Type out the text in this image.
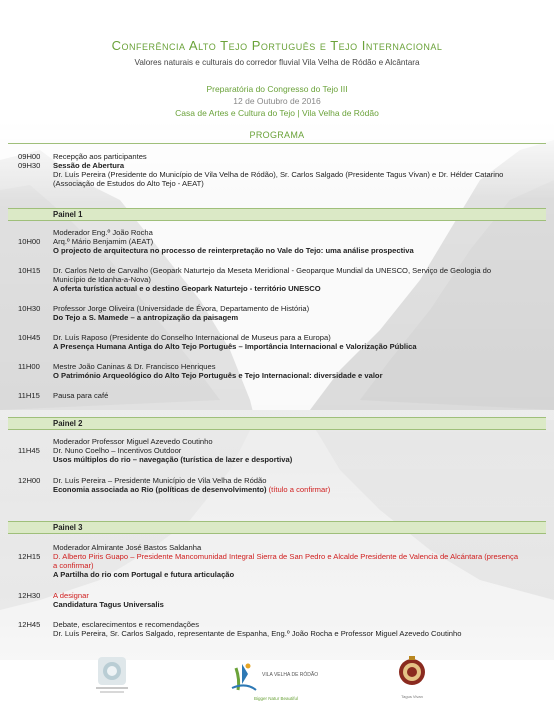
Conferência Alto Tejo Português e Tejo Internacional
Valores naturais e culturais do corredor fluvial Vila Velha de Ródão e Alcântara
Preparatória do Congresso do Tejo III
12 de Outubro de 2016
Casa de Artes e Cultura do Tejo | Vila Velha de Ródão
PROGRAMA
09H00	Recepção aos participantes
09H30	Sessão de Abertura
Dr. Luís Pereira (Presidente do Município de Vila Velha de Ródão), Sr. Carlos Salgado (Presidente Tagus Vivan) e Dr. Hélder Catarino (Associação de Estudos do Alto Tejo - AEAT)
Painel 1
Moderador Eng.º João Rocha
10H00	Arq.º Mário Benjamim (AEAT)
O projecto de arquitectura no processo de reinterpretação no Vale do Tejo: uma análise prospectiva
10H15	Dr. Carlos Neto de Carvalho (Geopark Naturtejo da Meseta Meridional - Geoparque Mundial da UNESCO, Serviço de Geologia do Município de Idanha-a-Nova)
A oferta turística actual e o destino Geopark Naturtejo - território UNESCO
10H30	Professor Jorge Oliveira (Universidade de Évora, Departamento de História)
Do Tejo a S. Mamede – a antropização da paisagem
10H45	Dr. Luís Raposo (Presidente do Conselho Internacional de Museus para a Europa)
A Presença Humana Antiga do Alto Tejo Português – Importância Internacional e Valorização Pública
11H00	Mestre João Caninas & Dr. Francisco Henriques
O Património Arqueológico do Alto Tejo Português e Tejo Internacional: diversidade e valor
11H15	Pausa para café
Painel 2
Moderador Professor Miguel Azevedo Coutinho
11H45	Dr. Nuno Coelho – Incentivos Outdoor
Usos múltiplos do rio – navegação (turística de lazer e desportiva)
12H00	Dr. Luís Pereira – Presidente Município de Vila Velha de Ródão
Economia associada ao Rio (políticas de desenvolvimento) (título a confirmar)
Painel 3
Moderador Almirante José Bastos Saldanha
12H15	D. Alberto Piris Guapo – Presidente Mancomunidad Integral Sierra de San Pedro e Alcalde Presidente de Valencia de Alcántara (presença a confirmar)
A Partilha do rio com Portugal e futura articulação
12H30	A designar
Candidatura Tagus Universalis
12H45	Debate, esclarecimentos e recomendações
Dr. Luís Pereira, Sr. Carlos Salgado, representante de Espanha, Eng.º João Rocha e Professor Miguel Azevedo Coutinho
VILA VELHA DE RÓDÃO
Bigger Natur Beautiful	Tagus Vivan
